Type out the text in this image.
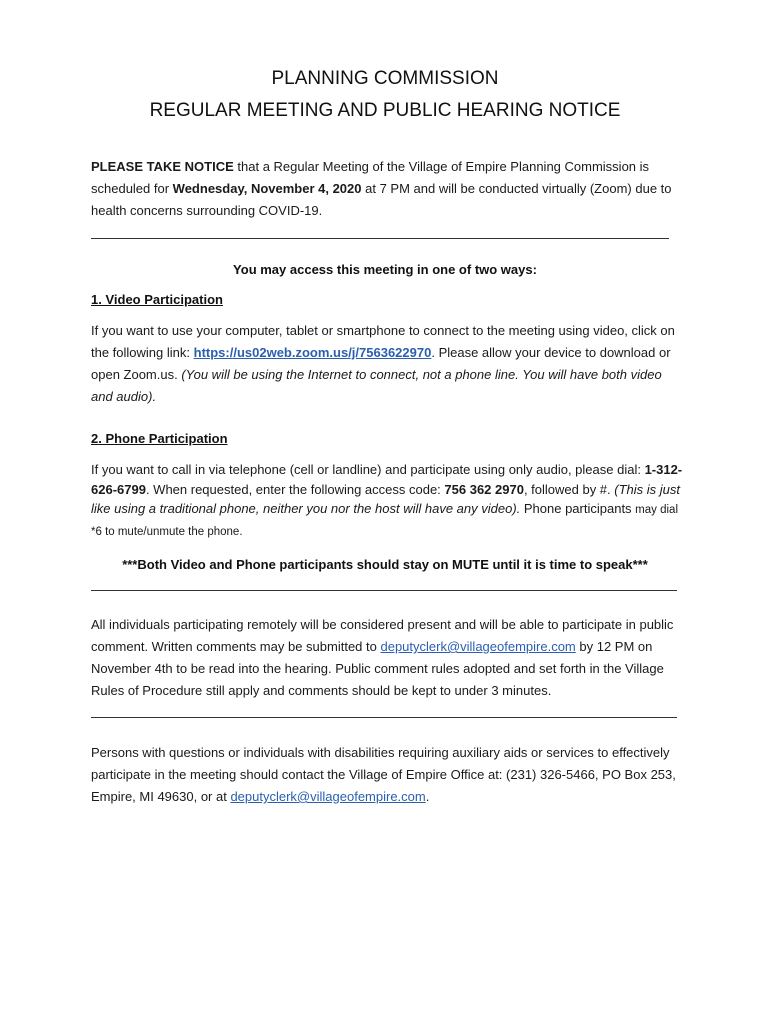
PLANNING COMMISSION
REGULAR MEETING AND PUBLIC HEARING NOTICE
PLEASE TAKE NOTICE that a Regular Meeting of the Village of Empire Planning Commission is scheduled for Wednesday, November 4, 2020 at 7 PM and will be conducted virtually (Zoom) due to health concerns surrounding COVID-19.
You may access this meeting in one of two ways:
1. Video Participation
If you want to use your computer, tablet or smartphone to connect to the meeting using video, click on the following link: https://us02web.zoom.us/j/7563622970. Please allow your device to download or open Zoom.us. (You will be using the Internet to connect, not a phone line. You will have both video and audio).
2. Phone Participation
If you want to call in via telephone (cell or landline) and participate using only audio, please dial: 1-312-626-6799. When requested, enter the following access code: 756 362 2970, followed by #. (This is just like using a traditional phone, neither you nor the host will have any video). Phone participants may dial *6 to mute/unmute the phone.
***Both Video and Phone participants should stay on MUTE until it is time to speak***
All individuals participating remotely will be considered present and will be able to participate in public comment. Written comments may be submitted to deputyclerk@villageofempire.com by 12 PM on November 4th to be read into the hearing. Public comment rules adopted and set forth in the Village Rules of Procedure still apply and comments should be kept to under 3 minutes.
Persons with questions or individuals with disabilities requiring auxiliary aids or services to effectively participate in the meeting should contact the Village of Empire Office at: (231) 326-5466, PO Box 253, Empire, MI 49630, or at deputyclerk@villageofempire.com.
